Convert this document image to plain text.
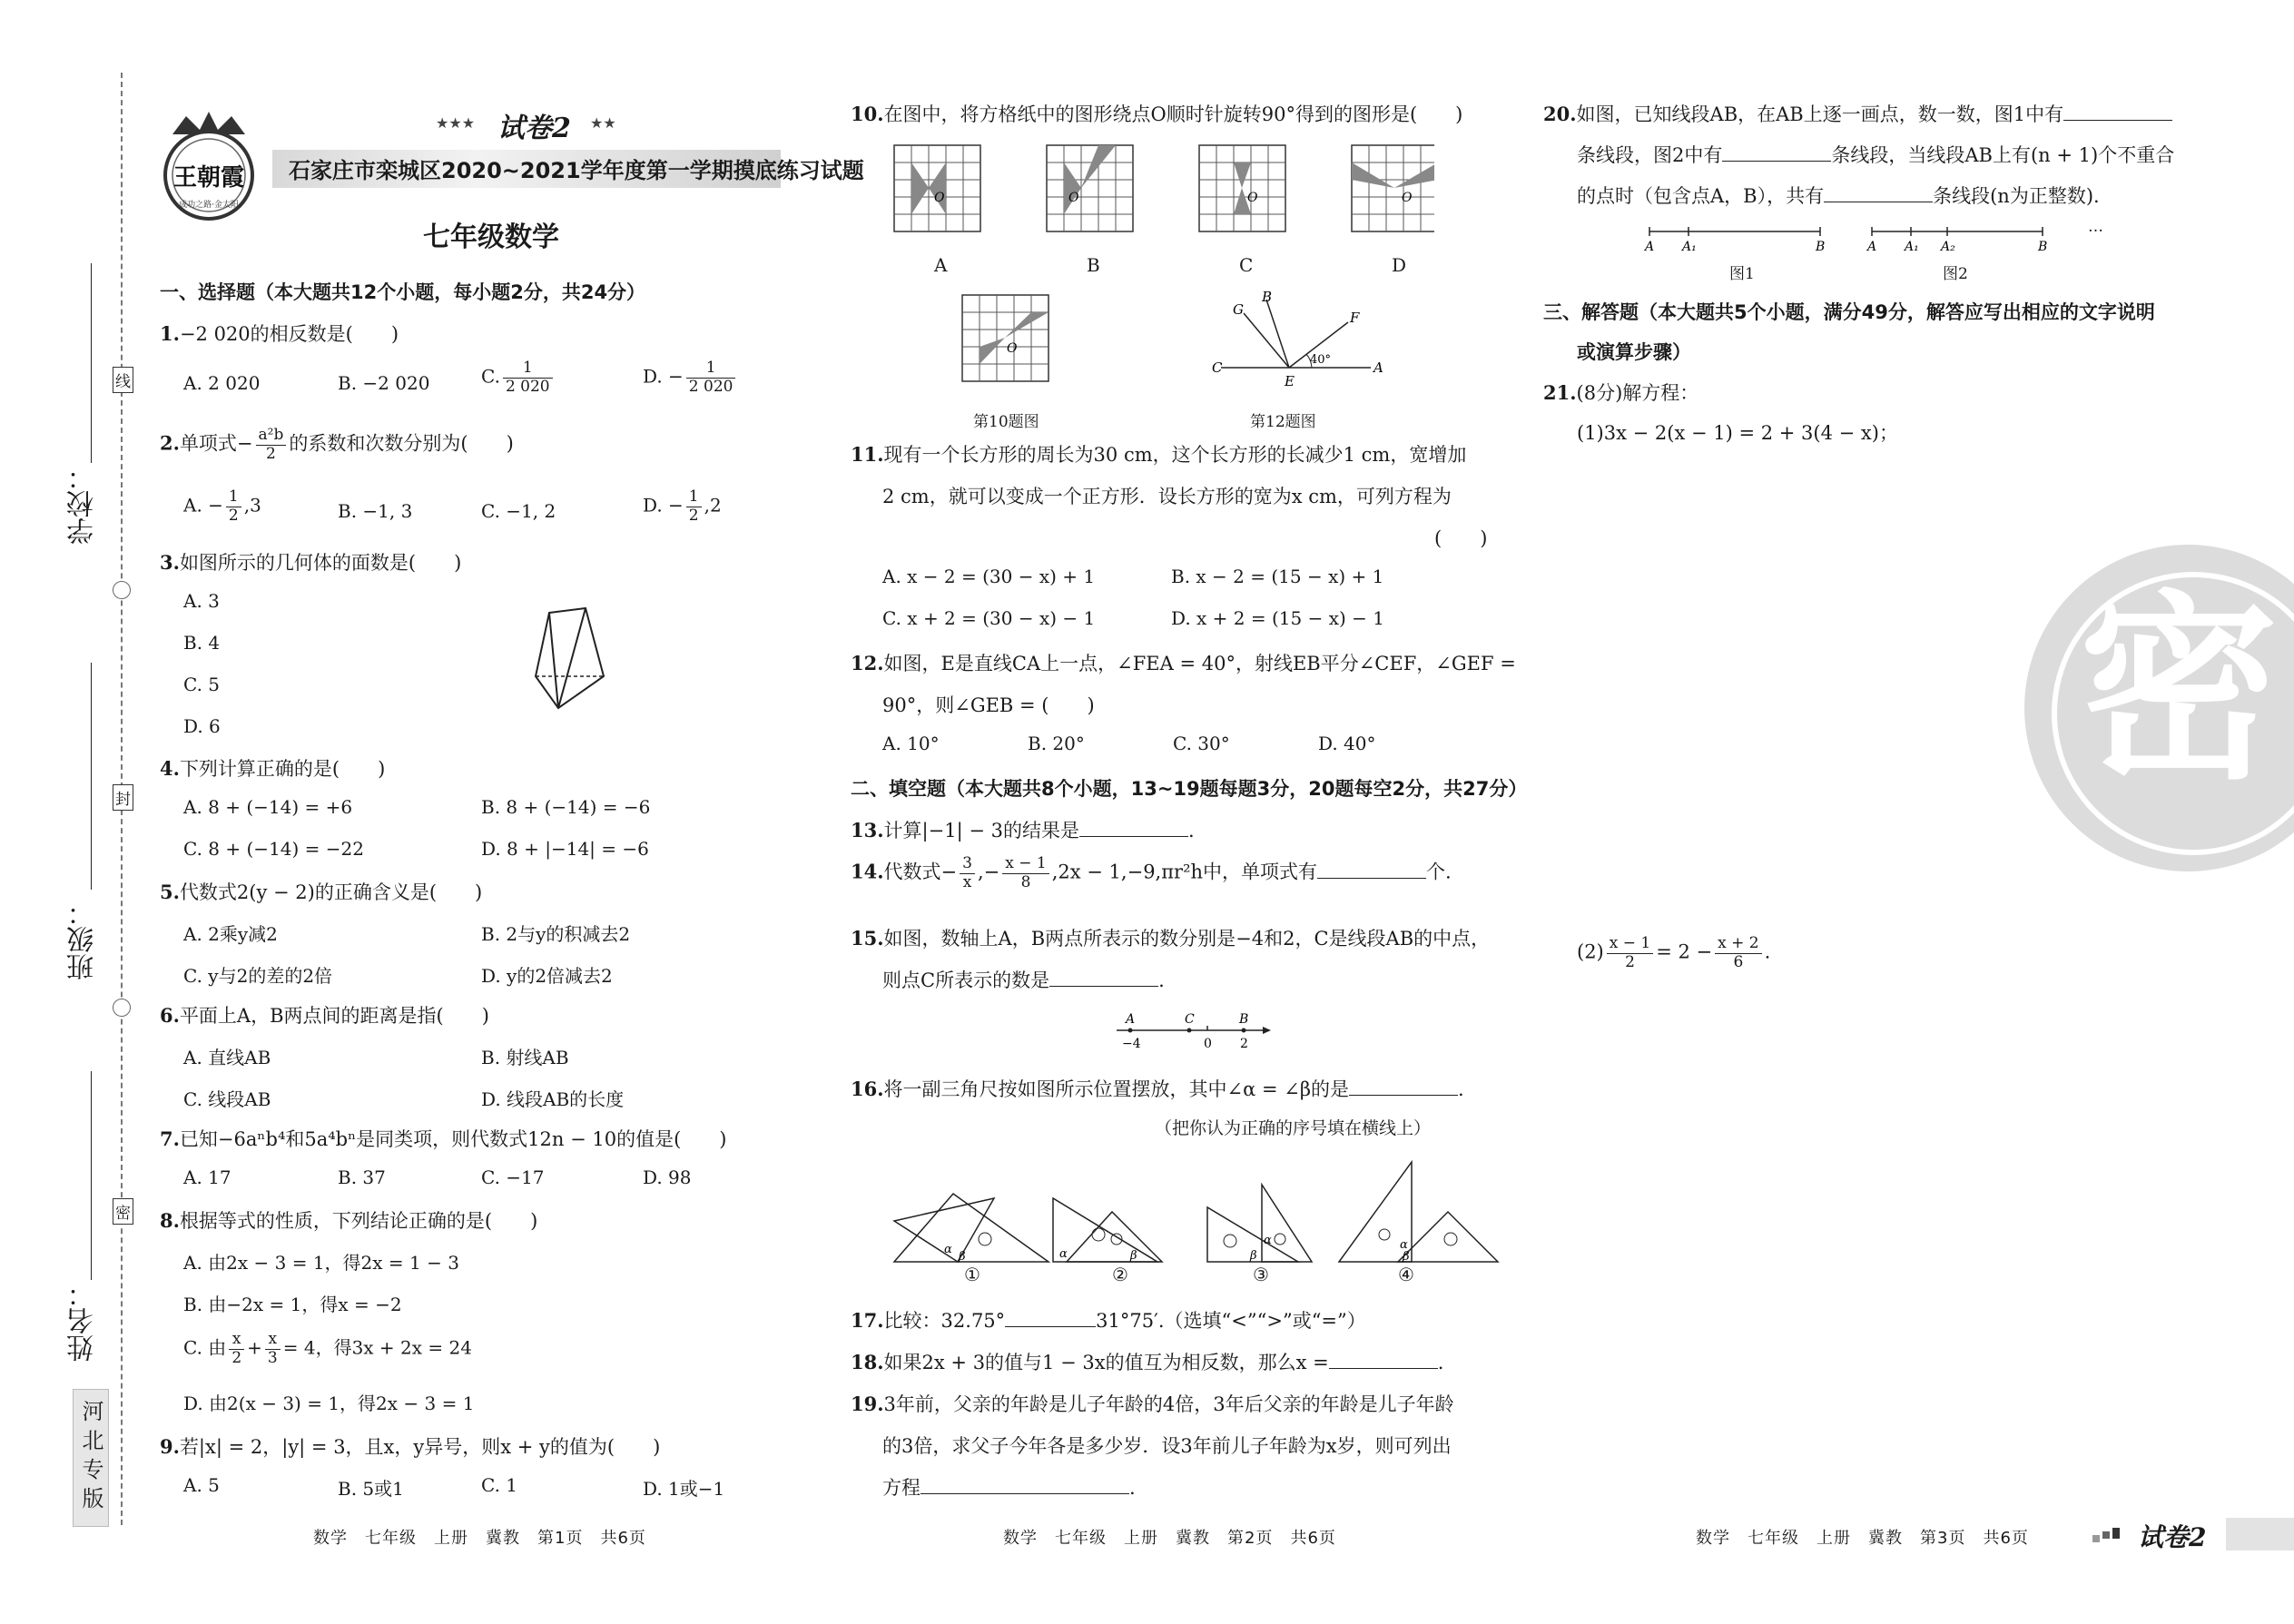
线
封
密
学校：
班级：
姓名：
河北专版
王朝霞
成功之路·金太阳
★★★ 试卷2 ★★
石家庄市栾城区2020~2021学年度第一学期摸底练习试题
七年级数学
一、选择题（本大题共12个小题，每小题2分，共24分）
1.−2 020的相反数是(　　)
A. 2 020	B. −2 020	C. $\frac{1}{2 020}$	D. − $\frac{1}{2 020}$
2.单项式− $\frac{\text{a²b}}{2}$ 的系数和次数分别为(　　)
A. − $\frac{1}{2} ,3$	B. −1, 3	C. −1, 2	D. − $\frac{1}{2} ,2$
3.如图所示的几何体的面数是(　　)
A. 3
B. 4
C. 5
D. 6
4.下列计算正确的是(　　)
A. 8 + (−14) = +6	B. 8 + (−14) = −6
C. 8 + (−14) = −22	D. 8 + |−14| = −6
5.代数式2(y − 2)的正确含义是(　　)
A. 2乘y减2	B. 2与y的积减去2
C. y与2的差的2倍	D. y的2倍减去2
6.平面上A，B两点间的距离是指(　　)
A. 直线AB	B. 射线AB
C. 线段AB	D. 线段AB的长度
7.已知−6aⁿb⁴和5a⁴bⁿ是同类项，则代数式12n − 10的值是(　　)
A. 17	B. 37	C. −17	D. 98
8.根据等式的性质，下列结论正确的是(　　)
A. 由2x − 3 = 1，得2x = 1 − 3
B. 由−2x = 1，得x = −2
C. 由 $\frac{x}{2} + \frac{x}{3} = 4$，得3x + 2x = 24
D. 由2(x − 3) = 1，得2x − 3 = 1
9.若|x| = 2，|y| = 3，且x，y异号，则x + y的值为(　　)
A. 5	B. 5或1	C. 1	D. 1或−1
数学　七年级　上册　冀教　第1页　共6页
10.在图中，将方格纸中的图形绕点O顺时针旋转90°得到的图形是(　　)
O	O	O	O
A	B	C	D
O
第10题图
C	A
E
G
B
F
40°
第12题图
11.现有一个长方形的周长为30 cm，这个长方形的长减少1 cm，宽增加
2 cm，就可以变成一个正方形．设长方形的宽为x cm，可列方程为
(　　)
A. x − 2 = (30 − x) + 1	B. x − 2 = (15 − x) + 1
C. x + 2 = (30 − x) − 1	D. x + 2 = (15 − x) − 1
12.如图，E是直线CA上一点，∠FEA = 40°，射线EB平分∠CEF，∠GEF =
90°，则∠GEB = (　　)
A. 10°	B. 20°	C. 30°	D. 40°
二、填空题（本大题共8个小题，13~19题每题3分，20题每空2分，共27分）
13.计算|−1| − 3的结果是	.
14.代数式− $\frac{3}{x}$ ,− $\frac{x - 1}{8} ,2x - 1,-9,\pi r^2h$中，单项式有	个.
15.如图，数轴上A，B两点所表示的数分别是−4和2，C是线段AB的中点，
则点C所表示的数是	.
A	C	B
−4	0 2
16.将一副三角尺按如图所示位置摆放，其中∠α = ∠β的是	.
（把你认为正确的序号填在横线上）
α
β	α	β
α
β
α
β
①	②	③	④
17.比较：32.75°	31°75′.（选填“<”“>”或“=”）
18.如果2x + 3的值与1 − 3x的值互为相反数，那么x =	.
19.3年前，父亲的年龄是儿子年龄的4倍，3年后父亲的年龄是儿子年龄
的3倍，求父子今年各是多少岁．设3年前儿子年龄为x岁，则可列出
方程	.
数学　七年级　上册　冀教　第2页　共6页
20.如图，已知线段AB，在AB上逐一画点，数一数，图1中有
条线段，图2中有	条线段，当线段AB上有(n + 1)个不重合
的点时（包含点A，B），共有	条线段(n为正整数).
A A₁	B	A A₁ A₂	B
…
图1	图2
三、解答题（本大题共5个小题，满分49分，解答应写出相应的文字说明
或演算步骤）
21.(8分)解方程：
(1)3x − 2(x − 1) = 2 + 3(4 − x)；
$(2) \frac{x - 1}{2} = 2 - \frac{x + 2}{6}$ .
密
数学　七年级　上册　冀教　第3页　共6页	试卷2
